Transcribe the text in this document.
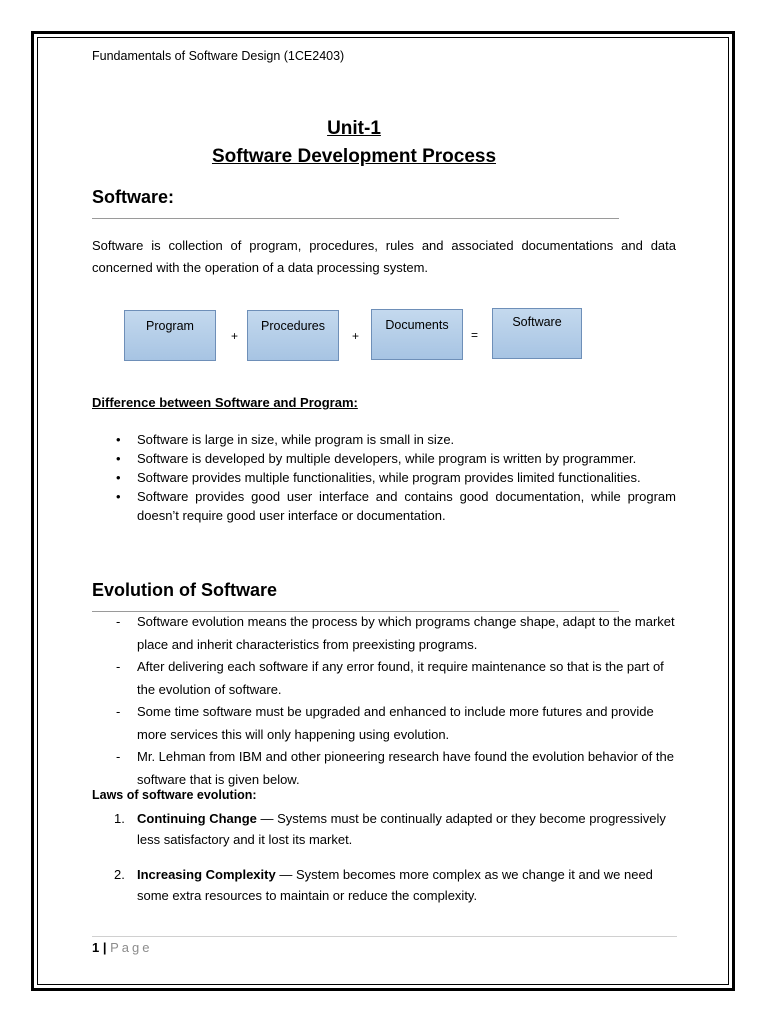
Fundamentals of Software Design (1CE2403)
Unit-1
Software Development Process
Software:
Software is collection of program, procedures, rules and associated documentations and data
concerned with the operation of a data processing system.
Program
+
Procedures
+
Documents
=
Software
Difference between Software and Program:
• Software is large in size, while program is small in size.
• Software is developed by multiple developers, while program is written by programmer.
• Software provides multiple functionalities, while program provides limited functionalities.
• Software provides good user interface and contains good documentation, while program doesn’t require good user interface or documentation.
Evolution of Software
- Software evolution means the process by which programs change shape, adapt to the market place and inherit characteristics from preexisting programs.
- After delivering each software if any error found, it require maintenance so that is the part of the evolution of software.
- Some time software must be upgraded and enhanced to include more futures and provide more services this will only happening using evolution.
- Mr. Lehman from IBM and other pioneering research have found the evolution behavior of the software that is given below.
Laws of software evolution:
1. Continuing Change — Systems must be continually adapted or they become progressively less satisfactory and it lost its market.
2. Increasing Complexity — System becomes more complex as we change it and we need some extra resources to maintain or reduce the complexity.
1 | Page
